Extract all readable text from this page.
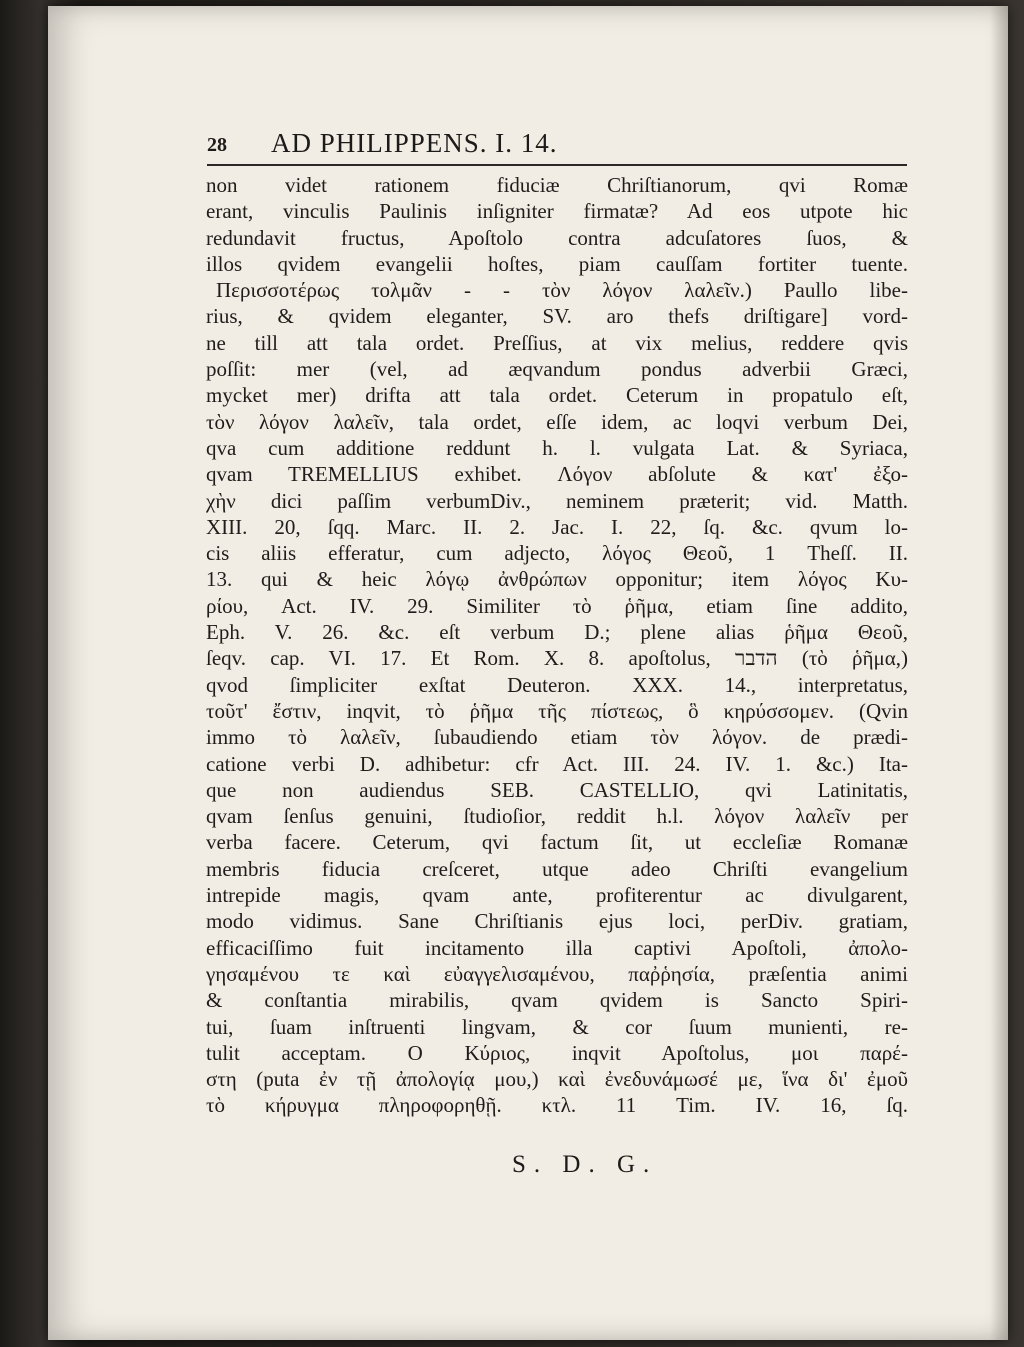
28 AD PHILIPPENS. I. 14.
non videt rationem fiduciæ Chriſtianorum, qvi Romæ
erant, vinculis Paulinis inſigniter firmatæ? Ad eos utpote hic
redundavit fructus, Apoſtolo contra adcuſatores ſuos, &
illos qvidem evangelii hoſtes, piam cauſſam fortiter tuente.
Περισσοτέρως τολμᾶν - - τὸν λόγον λαλεῖν.) Paullo libe-
rius, & qvidem eleganter, SV. aro thefs driſtigare] vord-
ne till att tala ordet. Preſſius, at vix melius, reddere qvis
poſſit: mer (vel, ad æqvandum pondus adverbii Græci,
mycket mer) drifta att tala ordet. Ceterum in propatulo eſt,
τὸν λόγον λαλεῖν, tala ordet, eſſe idem, ac loqvi verbum Dei,
qva cum additione reddunt h. l. vulgata Lat. & Syriaca,
qvam TREMELLIUS exhibet. Λόγον abſolute & κατ' ἐξο-
χὴν dici paſſim verbumDiv., neminem præterit; vid. Matth.
XIII. 20, ſqq. Marc. II. 2. Jac. I. 22, ſq. &c. qvum lo-
cis aliis efferatur, cum adjecto, λόγος Θεοῦ, 1 Theſſ. II.
13. qui & heic λόγῳ ἀνθρώπων opponitur; item λόγος Κυ-
ρίου, Act. IV. 29. Similiter τὸ ῥῆμα, etiam ſine addito,
Eph. V. 26. &c. eſt verbum D.; plene alias ῥῆμα Θεοῦ,
ſeqv. cap. VI. 17. Et Rom. X. 8. apoſtolus, הדבר (τὸ ῥῆμα,)
qvod ſimpliciter exſtat Deuteron. XXX. 14., interpretatus,
τοῦτ' ἔστιν, inqvit, τὸ ῥῆμα τῆς πίστεως, ὃ κηρύσσομεν. (Qvin
immo τὸ λαλεῖν, ſubaudiendo etiam τὸν λόγον. de prædi-
catione verbi D. adhibetur: cfr Act. III. 24. IV. 1. &c.) Ita-
que non audiendus SEB. CASTELLIO, qvi Latinitatis,
qvam ſenſus genuini, ſtudioſior, reddit h.l. λόγον λαλεῖν per
verba facere. Ceterum, qvi factum ſit, ut eccleſiæ Romanæ
membris fiducia creſceret, utque adeo Chriſti evangelium
intrepide magis, qvam ante, profiterentur ac divulgarent,
modo vidimus. Sane Chriſtianis ejus loci, perDiv. gratiam,
efficaciſſimo fuit incitamento illa captivi Apoſtoli, ἀπολο-
γησαμένου τε καὶ εὐαγγελισαμένου, παῤῥησία, præſentia animi
& conſtantia mirabilis, qvam qvidem is Sancto Spiri-
tui, ſuam inſtruenti lingvam, & cor ſuum munienti, re-
tulit acceptam. O Κύριος, inqvit Apoſtolus, μοι παρέ-
στη (puta ἐν τῇ ἀπολογίᾳ μου,) καὶ ἐνεδυνάμωσέ με, ἵνα δι' ἐμοῦ
τὸ κήρυγμα πληροφορηθῇ. κτλ. 11 Tim. IV. 16, ſq.
S. D. G.
